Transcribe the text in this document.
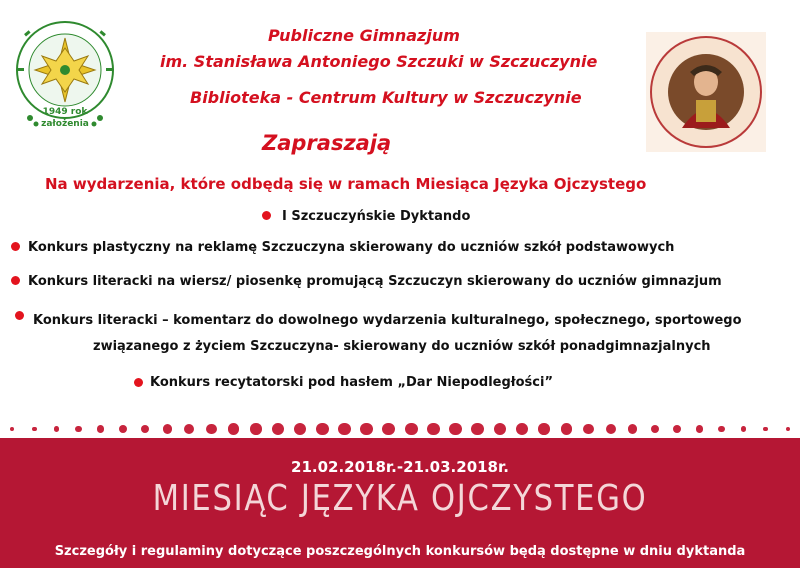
1949 rok
założenia
Publiczne Gimnazjum
im. Stanisława Antoniego Szczuki w Szczuczynie
Biblioteka - Centrum Kultury w Szczuczynie
Zapraszają
Na wydarzenia, które odbędą się w ramach Miesiąca Języka Ojczystego
I Szczuczyńskie Dyktando
Konkurs plastyczny na reklamę Szczuczyna skierowany do uczniów szkół podstawowych
Konkurs literacki na wiersz/ piosenkę promującą Szczuczyn skierowany do uczniów gimnazjum
Konkurs literacki – komentarz do dowolnego wydarzenia kulturalnego, społecznego, sportowego
związanego z życiem Szczuczyna- skierowany do uczniów szkół ponadgimnazjalnych
Konkurs recytatorski pod hasłem „Dar Niepodległości”
21.02.2018r.-21.03.2018r.
MIESIĄC JĘZYKA OJCZYSTEGO
Szczegóły i regulaminy dotyczące poszczególnych konkursów będą dostępne w dniu dyktanda
